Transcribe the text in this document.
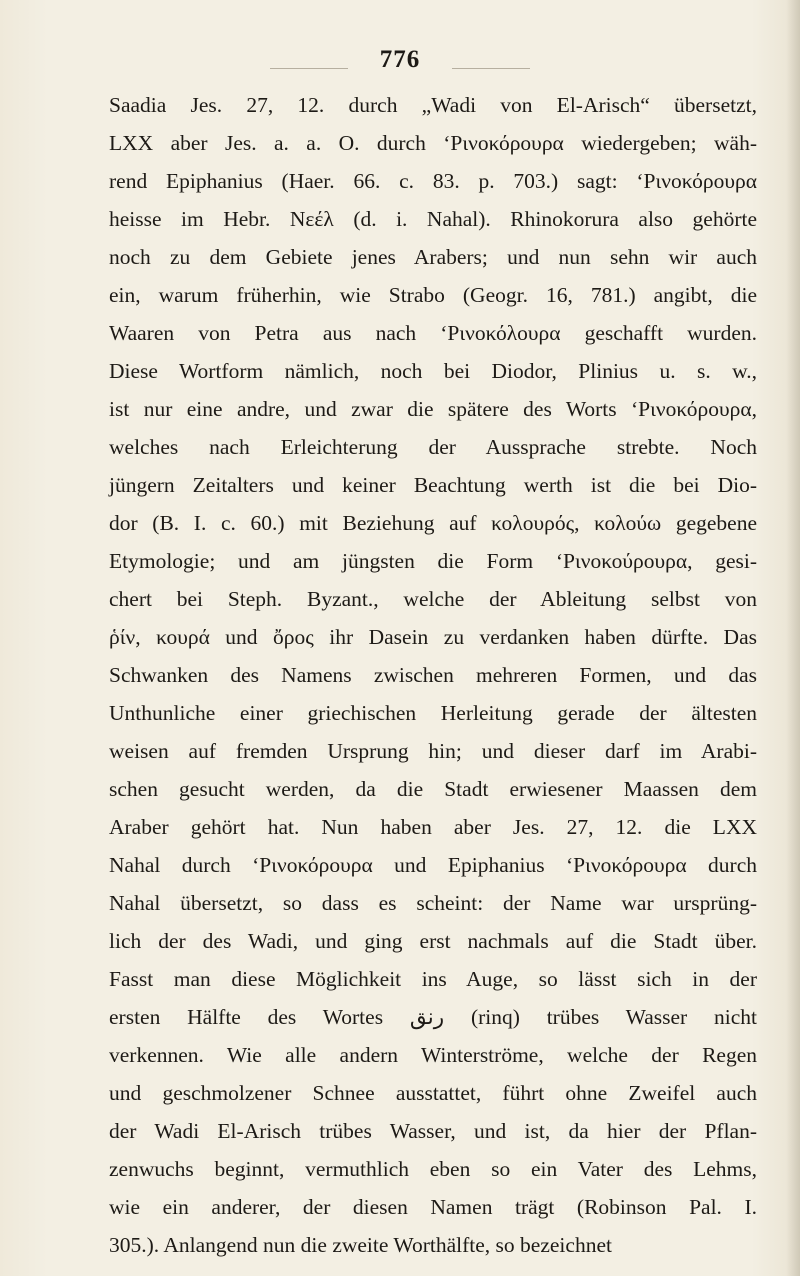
776
Saadia Jes. 27, 12. durch „Wadi von El-Arisch“ übersetzt,
LXX aber Jes. a. a. O. durch ‘Ρινοκόρουρα wiedergeben; wäh-
rend Epiphanius (Haer. 66. c. 83. p. 703.) sagt: ‘Ρινοκόρουρα
heisse im Hebr. Νεέλ (d. i. Nahal). Rhinokorura also gehörte
noch zu dem Gebiete jenes Arabers; und nun sehn wir auch
ein, warum früherhin, wie Strabo (Geogr. 16, 781.) angibt, die
Waaren von Petra aus nach ‘Ρινοκόλουρα geschafft wurden.
Diese Wortform nämlich, noch bei Diodor, Plinius u. s. w.,
ist nur eine andre, und zwar die spätere des Worts ‘Ρινοκόρουρα,
welches nach Erleichterung der Aussprache strebte. Noch
jüngern Zeitalters und keiner Beachtung werth ist die bei Dio-
dor (B. I. c. 60.) mit Beziehung auf κολουρός, κολούω gegebene
Etymologie; und am jüngsten die Form ‘Ρινοκούρουρα, gesi-
chert bei Steph. Byzant., welche der Ableitung selbst von
ῥίν, κουρά und ὄρος ihr Dasein zu verdanken haben dürfte. Das
Schwanken des Namens zwischen mehreren Formen, und das
Unthunliche einer griechischen Herleitung gerade der ältesten
weisen auf fremden Ursprung hin; und dieser darf im Arabi-
schen gesucht werden, da die Stadt erwiesener Maassen dem
Araber gehört hat. Nun haben aber Jes. 27, 12. die LXX
Nahal durch ‘Ρινοκόρουρα und Epiphanius ‘Ρινοκόρουρα durch
Nahal übersetzt, so dass es scheint: der Name war ursprüng-
lich der des Wadi, und ging erst nachmals auf die Stadt über.
Fasst man diese Möglichkeit ins Auge, so lässt sich in der
ersten Hälfte des Wortes رنق (rinq) trübes Wasser nicht
verkennen. Wie alle andern Winterströme, welche der Regen
und geschmolzener Schnee ausstattet, führt ohne Zweifel auch
der Wadi El-Arisch trübes Wasser, und ist, da hier der Pflan-
zenwuchs beginnt, vermuthlich eben so ein Vater des Lehms,
wie ein anderer, der diesen Namen trägt (Robinson Pal. I.
305.). Anlangend nun die zweite Worthälfte, so bezeichnet
